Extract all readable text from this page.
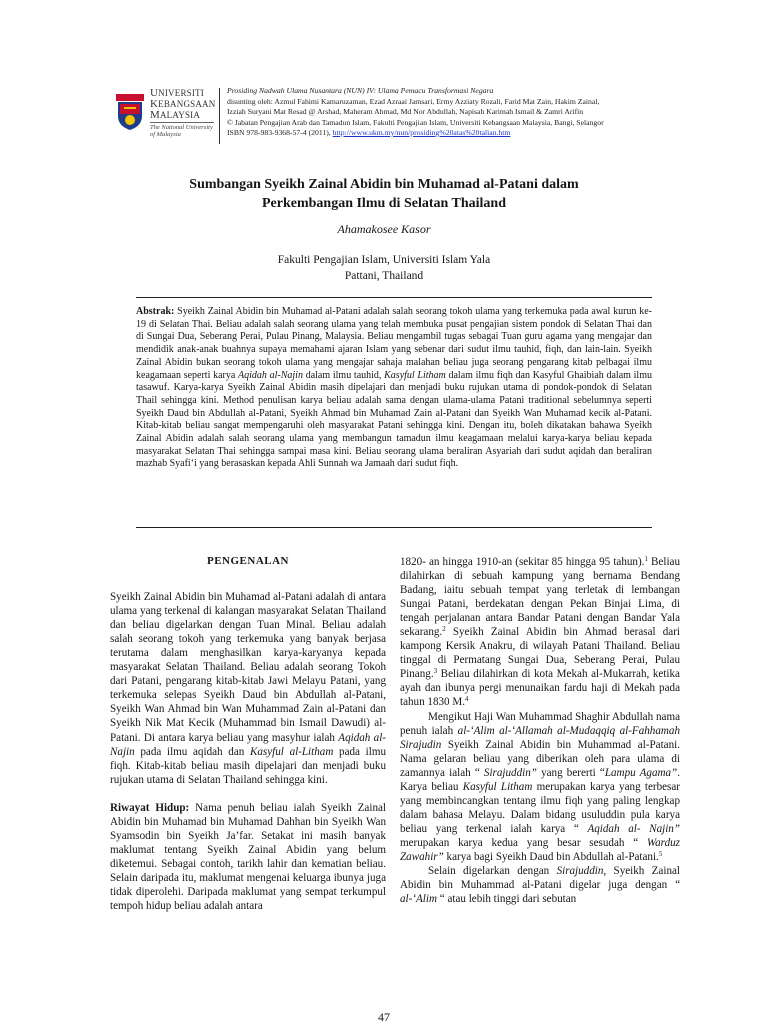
UNIVERSITI
KEBANGSAAN
MALAYSIA
The National University
of Malaysia
Prosiding Nadwah Ulama Nusantara (NUN) IV: Ulama Pemacu Transformasi Negara
disunting oleh: Azmul Fahimi Kamaruzaman, Ezad Azraai Jamsari, Ermy Azziaty Rozali, Farid Mat Zain, Hakim Zainal,
Izziah Suryani Mat Resad @ Arshad, Maheram Ahmad, Md Nor Abdullah, Napisah Karimah Ismail & Zamri Arifin
© Jabatan Pengajian Arab dan Tamadun Islam, Fakulti Pengajian Islam, Universiti Kebangsaan Malaysia, Bangi, Selangor
ISBN 978-983-9368-57-4 (2011), http://www.ukm.my/nun/prosiding%20atas%20talian.htm
Sumbangan Syeikh Zainal Abidin bin Muhamad al-Patani dalam
Perkembangan Ilmu di Selatan Thailand
Ahamakosee Kasor
Fakulti Pengajian Islam, Universiti Islam Yala
Pattani, Thailand
Abstrak: Syeikh Zainal Abidin bin Muhamad al-Patani adalah salah seorang tokoh ulama yang terkemuka pada awal kurun ke- 19 di Selatan Thai. Beliau adalah salah seorang ulama yang telah membuka pusat pengajian sistem pondok di Selatan Thai dan di Sungai Dua, Seberang Perai, Pulau Pinang, Malaysia. Beliau mengambil tugas sebagai Tuan guru agama yang mengajar dan mendidik anak-anak buahnya supaya memahami ajaran Islam yang sebenar dari sudut ilmu tauhid, fiqh, dan lain-lain. Syeikh Zainal Abidin bukan seorang tokoh ulama yang mengajar sahaja malahan beliau juga seorang pengarang kitab pelbagai ilmu keagamaan seperti karya Aqidah al-Najin dalam ilmu tauhid, Kasyful Litham dalam ilmu fiqh dan Kasyful Ghaibiah dalam ilmu tasawuf. Karya-karya Syeikh Zainal Abidin masih dipelajari dan menjadi buku rujukan utama di pondok-pondok di Selatan Thail sehingga kini. Method penulisan karya beliau adalah sama dengan ulama-ulama Patani traditional sebelumnya seperti Syeikh Daud bin Abdullah al-Patani, Syeikh Ahmad bin Muhamad Zain al-Patani dan Syeikh Wan Muhamad kecik al-Patani. Kitab-kitab beliau sangat mempengaruhi oleh masyarakat Patani sehingga kini. Dengan itu, boleh dikatakan bahawa Syeikh Zainal Abidin adalah salah seorang ulama yang membangun tamadun ilmu keagamaan melalui karya-karya beliau kepada masyarakat Selatan Thai sehingga sampai masa kini. Beliau seorang ulama beraliran Asyariah dari sudut aqidah dan beraliran mazhab Syafi‘i yang berasaskan kepada Ahli Sunnah wa Jamaah dari sudut fiqh.

PENGENALAN

Syeikh Zainal Abidin bin Muhamad al-Patani adalah di antara ulama yang terkenal di kalangan masyarakat Selatan Thailand dan beliau digelarkan dengan Tuan Minal. Beliau adalah salah seorang tokoh yang terkemuka yang banyak berjasa terutama dalam menghasilkan karya-karyanya kepada masyarakat Selatan Thailand. Beliau adalah seorang Tokoh dari Patani, pengarang kitab-kitab Jawi Melayu Patani, yang terkemuka selepas Syeikh Daud bin Abdullah al-Patani, Syeikh Wan Ahmad bin Wan Muhammad Zain al-Patani dan Syeikh Nik Mat Kecik (Muhammad bin Ismail Dawudi) al-Patani. Di antara karya beliau yang masyhur ialah Aqidah al-Najin pada ilmu aqidah dan Kasyful al-Litham pada ilmu fiqh. Kitab-kitab beliau masih dipelajari dan menjadi buku rujukan utama di Selatan Thailand sehingga kini.

Riwayat Hidup: Nama penuh beliau ialah Syeikh Zainal Abidin bin Muhamad bin Muhamad Dahhan bin Syeikh Wan Syamsodin bin Syeikh Ja’far. Setakat ini masih banyak maklumat tentang Syeikh Zainal Abidin yang belum diketemui. Sebagai contoh, tarikh lahir dan kematian beliau. Selain daripada itu, maklumat mengenai keluarga ibunya juga tidak diperolehi. Daripada maklumat yang sempat terkumpul tempoh hidup beliau adalah antara

1820- an hingga 1910-an (sekitar 85 hingga 95 tahun).$^1$ Beliau dilahirkan di sebuah kampung yang bernama Bendang Badang, iaitu sebuah tempat yang terletak di lembangan Sungai Patani, berdekatan dengan Pekan Binjai Lima, di tengah perjalanan antara Bandar Patani dengan Bandar Yala sekarang.$^2$ Syeikh Zainal Abidin bin Ahmad berasal dari kampong Kersik Anakru, di wilayah Patani Thailand. Beliau tinggal di Permatang Sungai Dua, Seberang Perai, Pulau Pinang.$^3$ Beliau dilahirkan di kota Mekah al-Mukarrah, ketika ayah dan ibunya pergi menunaikan fardu haji di Mekah pada tahun 1830 M.$^4$

Mengikut Haji Wan Muhammad Shaghir Abdullah nama penuh ialah al-‘Alim al-‘Allamah al-Mudaqqiq al-Fahhamah Sirajudin Syeikh Zainal Abidin bin Muhammad al-Patani. Nama gelaran beliau yang diberikan oleh para ulama di zamannya ialah “ Sirajuddin” yang bererti “Lampu Agama”. Karya beliau Kasyful Litham merupakan karya yang terbesar yang membincangkan tentang ilmu fiqh yang paling lengkap dalam bahasa Melayu. Dalam bidang usuluddin pula karya beliau yang terkenal ialah karya “ Aqidah al- Najin” merupakan karya kedua yang besar sesudah “ Warduz Zawahir” karya bagi Syeikh Daud bin Abdullah al-Patani.$^5$

Selain digelarkan dengan Sirajuddin, Syeikh Zainal Abidin bin Muhammad al-Patani digelar juga dengan “ al-‘Alim “ atau lebih tinggi dari sebutan

47
